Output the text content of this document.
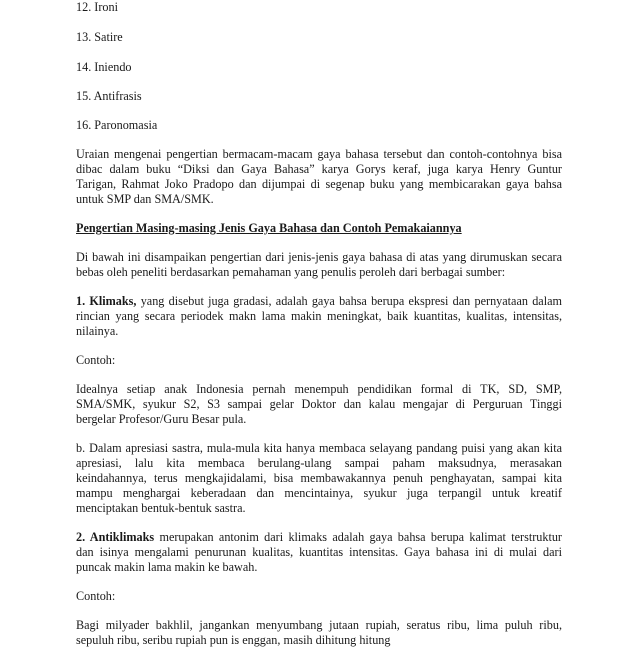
12. Ironi
13. Satire
14. Iniendo
15. Antifrasis
16. Paronomasia
Uraian mengenai pengertian bermacam-macam gaya bahasa tersebut dan contoh-contohnya bisa
dibac dalam buku “Diksi dan Gaya Bahasa” karya Gorys keraf, juga karya Henry Guntur
Tarigan, Rahmat Joko Pradopo dan dijumpai di segenap buku yang membicarakan gaya bahsa
untuk SMP dan SMA/SMK.
Pengertian Masing-masing Jenis Gaya Bahasa dan Contoh Pemakaiannya
Di bawah ini disampaikan pengertian dari jenis-jenis gaya bahasa di atas yang dirumuskan secara
bebas oleh peneliti berdasarkan pemahaman yang penulis peroleh dari berbagai sumber:
1. Klimaks, yang disebut juga gradasi, adalah gaya bahsa berupa ekspresi dan pernyataan dalam
rincian yang secara periodek makn lama makin meningkat, baik kuantitas, kualitas, intensitas,
nilainya.
Contoh:
Idealnya setiap anak Indonesia pernah menempuh pendidikan formal di TK, SD, SMP,
SMA/SMK, syukur S2, S3 sampai gelar Doktor dan kalau mengajar di Perguruan Tinggi
bergelar Profesor/Guru Besar pula.
b. Dalam apresiasi sastra, mula-mula kita hanya membaca selayang pandang puisi yang akan kita
apresiasi, lalu kita membaca berulang-ulang sampai paham maksudnya, merasakan
keindahannya, terus mengkajidalami, bisa membawakannya penuh penghayatan, sampai kita
mampu menghargai keberadaan dan mencintainya, syukur juga terpangil untuk kreatif
menciptakan bentuk-bentuk sastra.
2. Antiklimaks merupakan antonim dari klimaks adalah gaya bahsa berupa kalimat terstruktur
dan isinya mengalami penurunan kualitas, kuantitas intensitas. Gaya bahasa ini di mulai dari
puncak makin lama makin ke bawah.
Contoh:
Bagi milyader bakhlil, jangankan menyumbang jutaan rupiah, seratus ribu, lima puluh ribu,
sepuluh ribu, seribu rupiah pun is enggan, masih dihitung hitung
